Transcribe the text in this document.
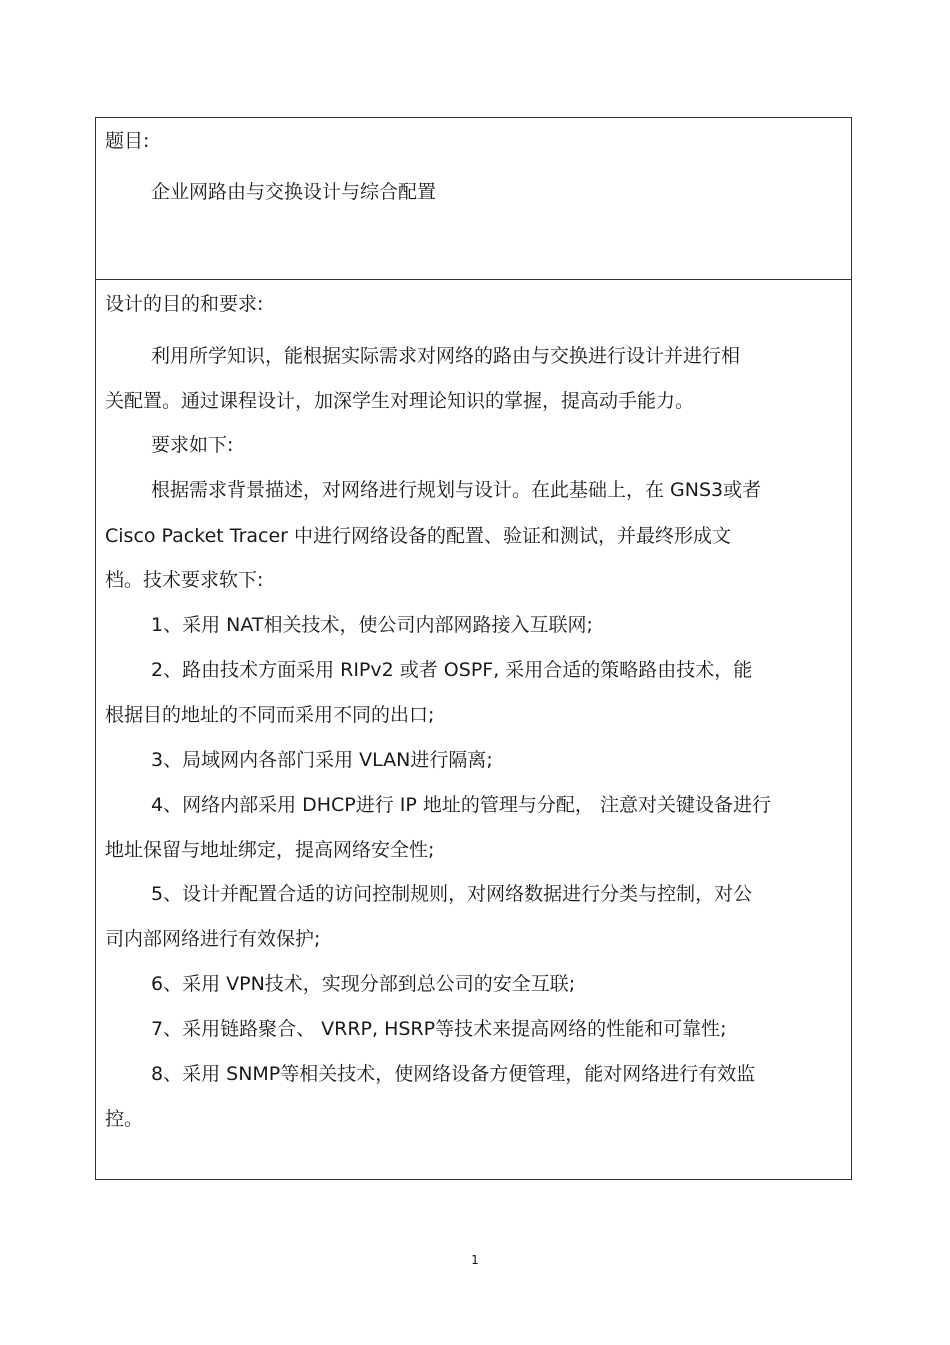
题目:
企业网路由与交换设计与综合配置
设计的目的和要求:
利用所学知识，能根据实际需求对网络的路由与交换进行设计并进行相
关配置。通过课程设计，加深学生对理论知识的掌握，提高动手能力。
要求如下:
根据需求背景描述，对网络进行规划与设计。在此基础上，在 GNS3或者
Cisco Packet Tracer 中进行网络设备的配置、验证和测试，并最终形成文
档。技术要求软下:
1、采用 NAT相关技术，使公司内部网路接入互联网;
2、路由技术方面采用 RIPv2 或者 OSPF, 采用合适的策略路由技术，能
根据目的地址的不同而采用不同的出口;
3、局域网内各部门采用 VLAN进行隔离;
4、网络内部采用 DHCP进行 IP 地址的管理与分配， 注意对关键设备进行
地址保留与地址绑定，提高网络安全性;
5、设计并配置合适的访问控制规则，对网络数据进行分类与控制，对公
司内部网络进行有效保护;
6、采用 VPN技术，实现分部到总公司的安全互联;
7、采用链路聚合、 VRRP, HSRP等技术来提高网络的性能和可靠性;
8、采用 SNMP等相关技术，使网络设备方便管理，能对网络进行有效监
控。
1
